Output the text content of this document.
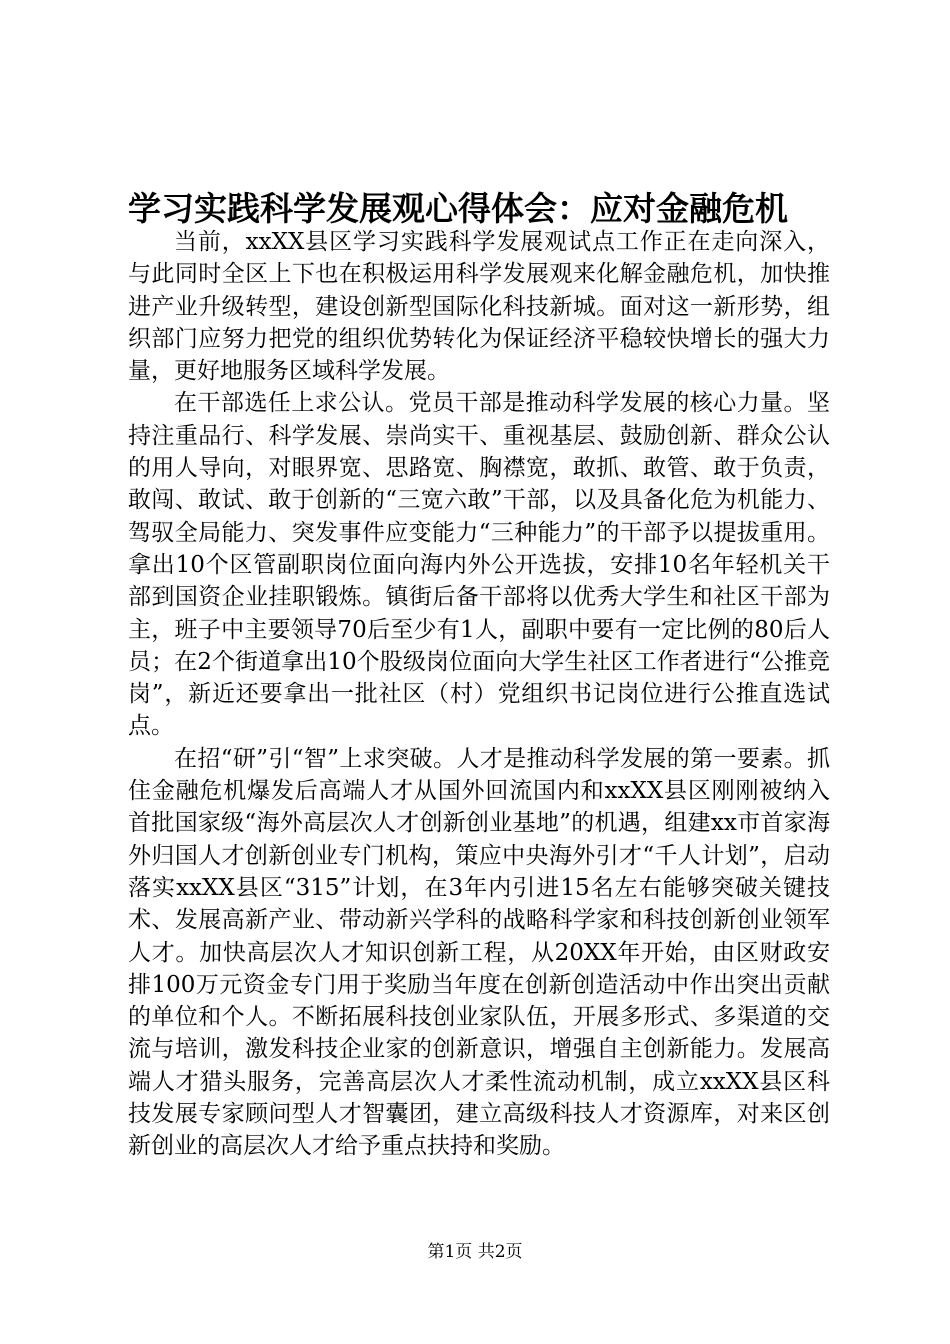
学习实践科学发展观心得体会：应对金融危机

当前，xxXX县区学习实践科学发展观试点工作正在走向深入，与此同时全区上下也在积极运用科学发展观来化解金融危机，加快推进产业升级转型，建设创新型国际化科技新城。面对这一新形势，组织部门应努力把党的组织优势转化为保证经济平稳较快增长的强大力量，更好地服务区域科学发展。

在干部选任上求公认。党员干部是推动科学发展的核心力量。坚持注重品行、科学发展、崇尚实干、重视基层、鼓励创新、群众公认的用人导向，对眼界宽、思路宽、胸襟宽，敢抓、敢管、敢于负责，敢闯、敢试、敢于创新的“三宽六敢”干部，以及具备化危为机能力、驾驭全局能力、突发事件应变能力“三种能力”的干部予以提拔重用。拿出10个区管副职岗位面向海内外公开选拔，安排10名年轻机关干部到国资企业挂职锻炼。镇街后备干部将以优秀大学生和社区干部为主，班子中主要领导70后至少有1人，副职中要有一定比例的80后人员；在2个街道拿出10个股级岗位面向大学生社区工作者进行“公推竞岗”，新近还要拿出一批社区（村）党组织书记岗位进行公推直选试点。

在招“研”引“智”上求突破。人才是推动科学发展的第一要素。抓住金融危机爆发后高端人才从国外回流国内和xxXX县区刚刚被纳入首批国家级“海外高层次人才创新创业基地”的机遇，组建xx市首家海外归国人才创新创业专门机构，策应中央海外引才“千人计划”，启动落实xxXX县区“315”计划，在3年内引进15名左右能够突破关键技术、发展高新产业、带动新兴学科的战略科学家和科技创新创业领军人才。加快高层次人才知识创新工程，从20XX年开始，由区财政安排100万元资金专门用于奖励当年度在创新创造活动中作出突出贡献的单位和个人。不断拓展科技创业家队伍，开展多形式、多渠道的交流与培训，激发科技企业家的创新意识，增强自主创新能力。发展高端人才猎头服务，完善高层次人才柔性流动机制，成立xxXX县区科技发展专家顾问型人才智囊团，建立高级科技人才资源库，对来区创新创业的高层次人才给予重点扶持和奖励。

第1页 共2页
